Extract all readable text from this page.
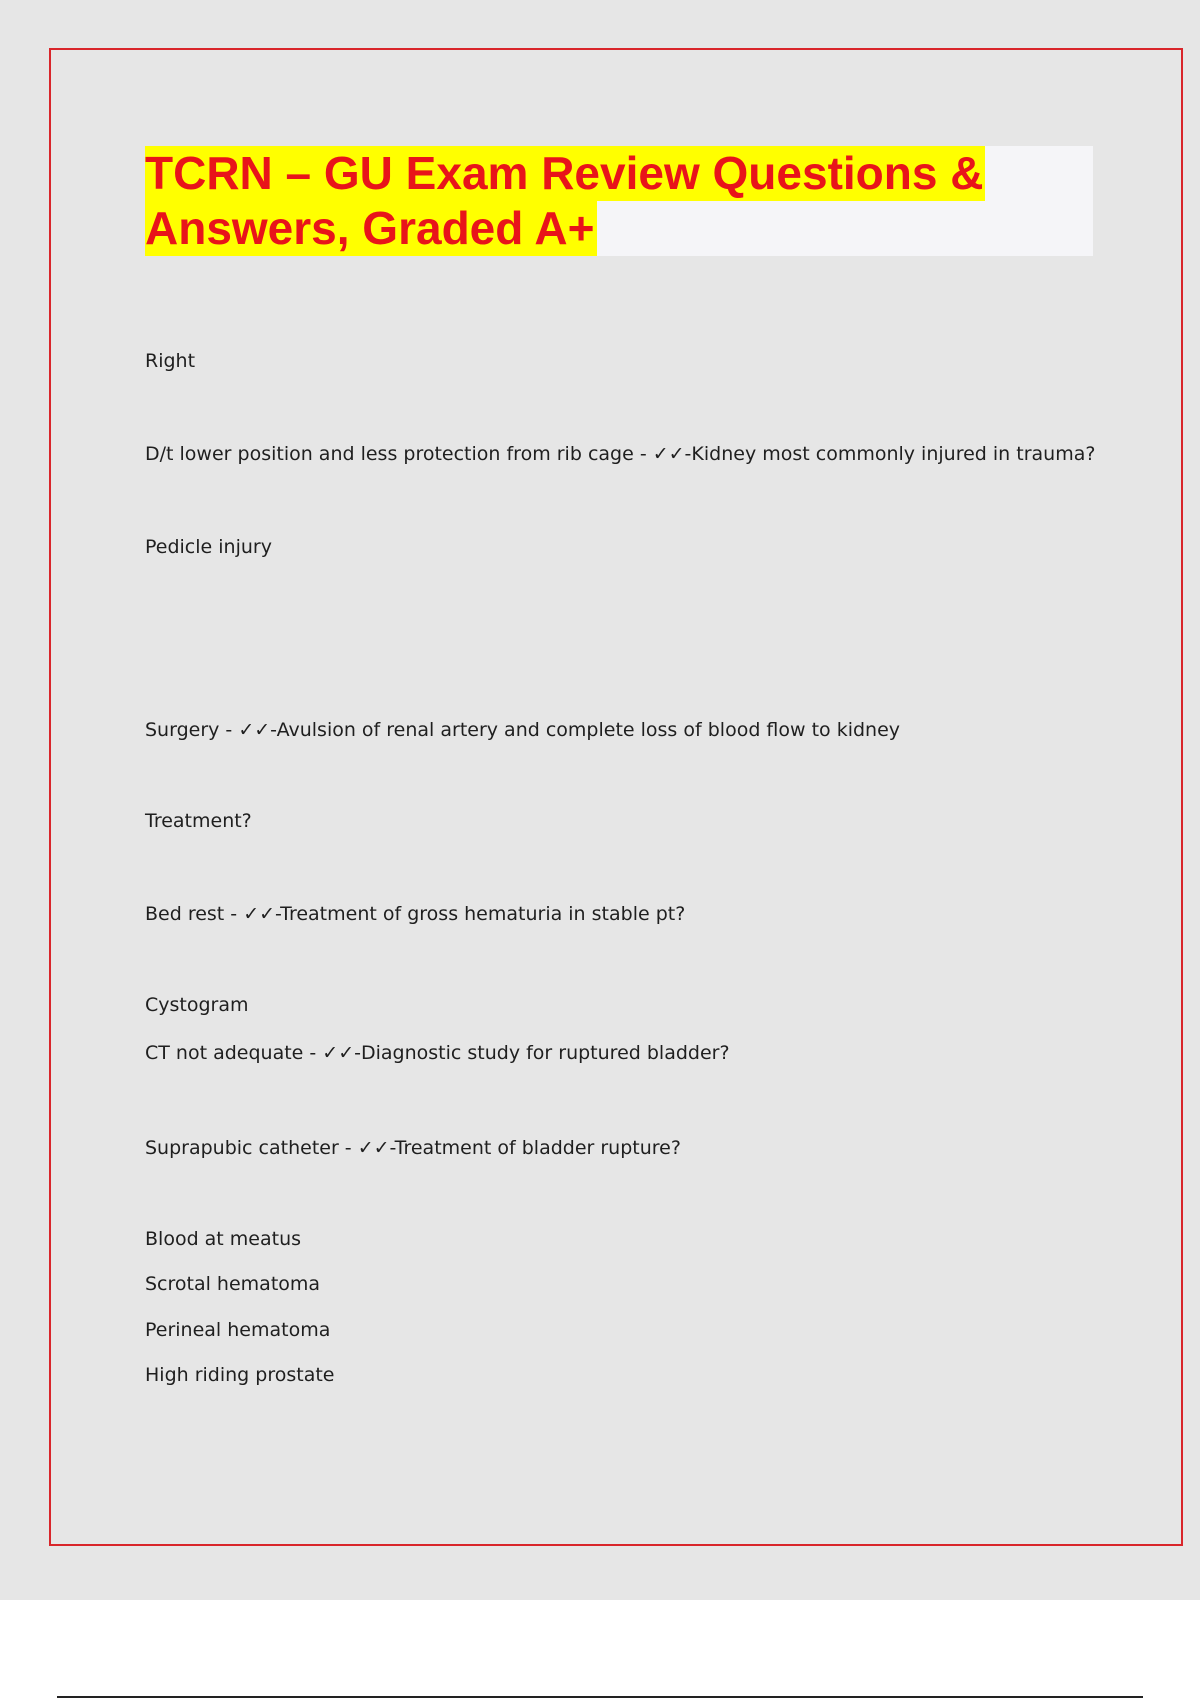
TCRN – GU Exam Review Questions &
Answers, Graded A+
Right
D/t lower position and less protection from rib cage - ✓✓-Kidney most commonly injured in trauma?
Pedicle injury
Surgery - ✓✓-Avulsion of renal artery and complete loss of blood flow to kidney
Treatment?
Bed rest - ✓✓-Treatment of gross hematuria in stable pt?
Cystogram
CT not adequate - ✓✓-Diagnostic study for ruptured bladder?
Suprapubic catheter - ✓✓-Treatment of bladder rupture?
Blood at meatus
Scrotal hematoma
Perineal hematoma
High riding prostate
